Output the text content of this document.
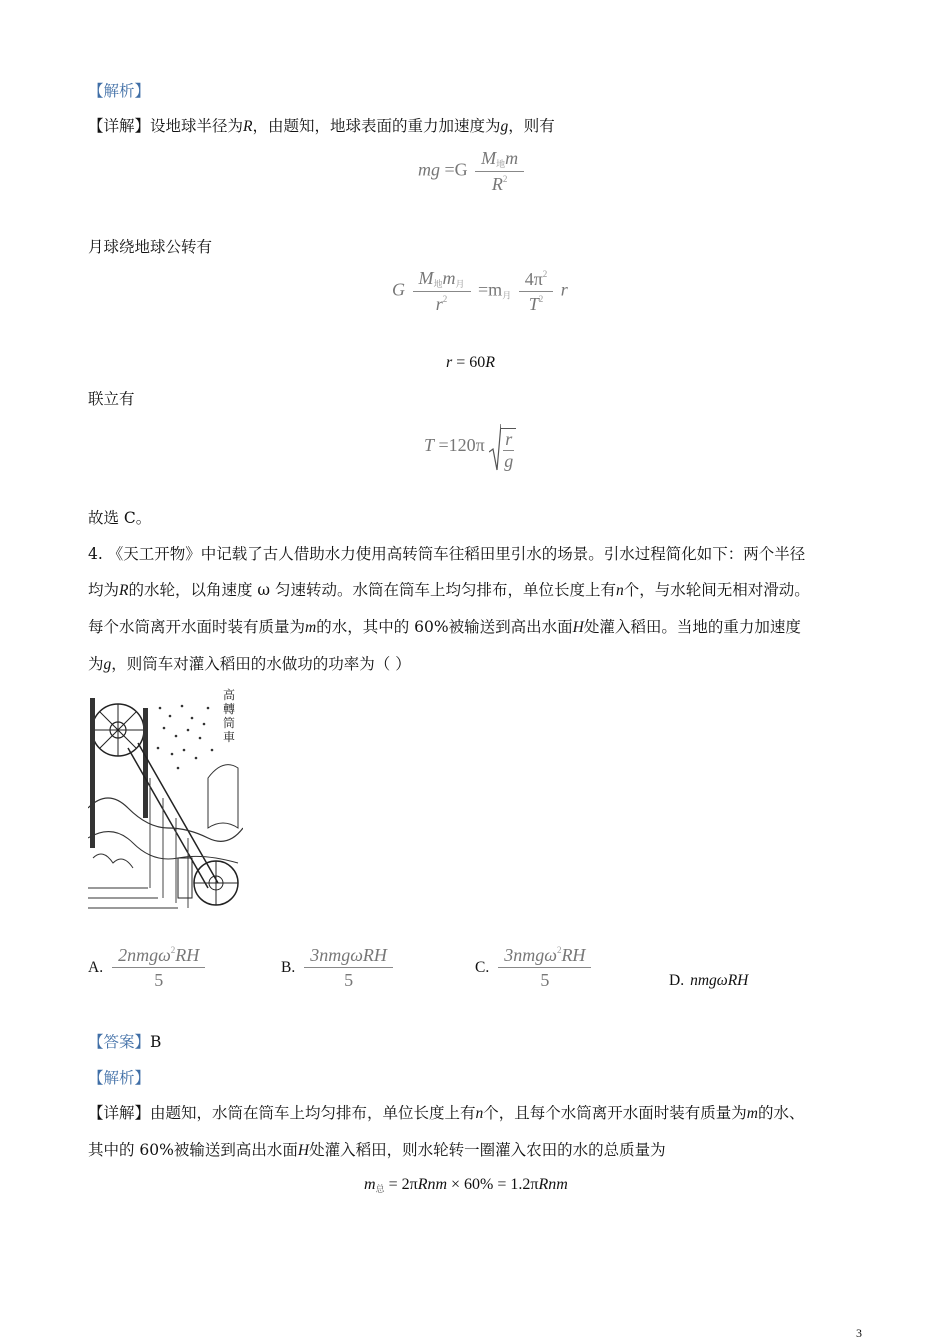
【解析】
【详解】设地球半径为R，由题知，地球表面的重力加速度为g，则有
mg $=G \frac{M_地m}{R^2}$
月球绕地球公转有
G $\frac{M_地m_月}{r^2} =m_月 \frac{4\pi^2}{T^2}$ r
r = 60R
联立有
T =120π r
g
故选 C。
4. 《天工开物》中记载了古人借助水力使用高转筒车往稻田里引水的场景。引水过程简化如下：两个半径
均为R的水轮，以角速度 ω 匀速转动。水筒在筒车上均匀排布，单位长度上有n个，与水轮间无相对滑动。
每个水筒离开水面时装有质量为m的水，其中的 60%被输送到高出水面H处灌入稻田。当地的重力加速度
为g，则筒车对灌入稻田的水做功的功率为（ ）
高
轉
筒
車
A. $\frac{2nmg\omega^2RH}{5}$	B. $\frac{\text{3nmgωRH}}{5}$	C. $\frac{3nmg\omega^2RH}{5}$	D. nmgωRH
【答案】B
【解析】
【详解】由题知，水筒在筒车上均匀排布，单位长度上有n个，且每个水筒离开水面时装有质量为m的水、
其中的 60%被输送到高出水面H处灌入稻田，则水轮转一圈灌入农田的水的总质量为
m总 = 2πRnm × 60% = 1.2πRnm
3
